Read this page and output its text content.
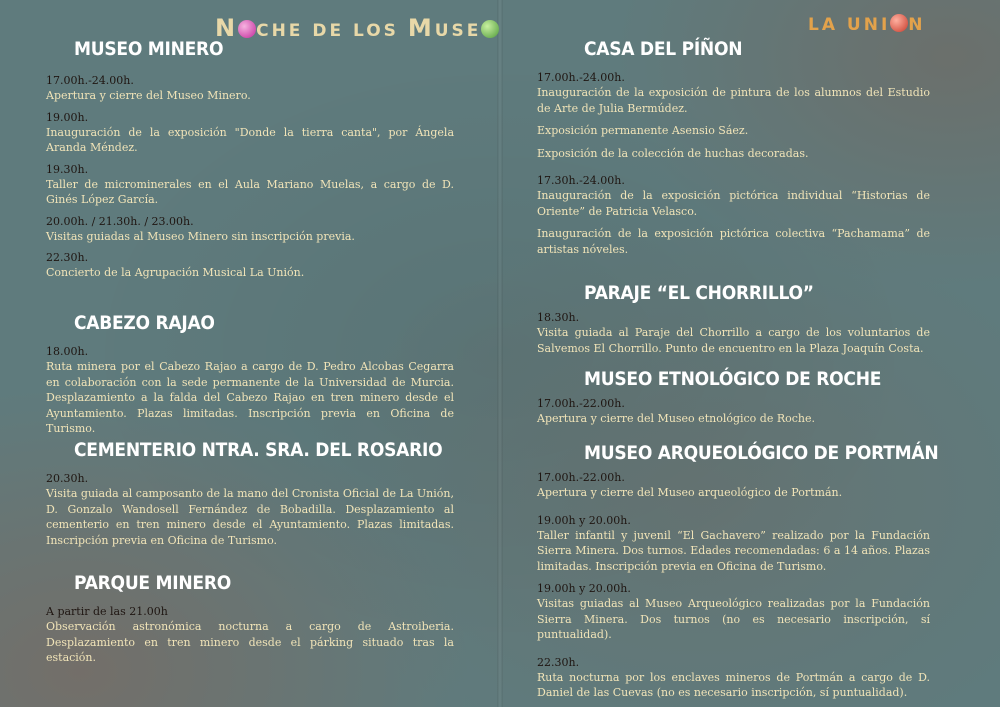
N CHE DE LOS MUSE	LA UNI N
MUSEO MINERO
17.00h.-24.00h.
Apertura y cierre del Museo Minero.
19.00h.
Inauguración de la exposición "Donde la tierra canta", por Ángela Aranda Méndez.
19.30h.
Taller de microminerales en el Aula Mariano Muelas, a cargo de D. Ginés López García.
20.00h. / 21.30h. / 23.00h.
Visitas guiadas al Museo Minero sin inscripción previa.
22.30h.
Concierto de la Agrupación Musical La Unión.
CABEZO RAJAO
18.00h.
Ruta minera por el Cabezo Rajao a cargo de D. Pedro Alcobas Cegarra en colaboración con la sede permanente de la Universidad de Murcia. Desplazamiento a la falda del Cabezo Rajao en tren minero desde el Ayuntamiento. Plazas limitadas. Inscripción previa en Oficina de Turismo.
CEMENTERIO NTRA. SRA. DEL ROSARIO
20.30h.
Visita guiada al camposanto de la mano del Cronista Oficial de La Unión, D. Gonzalo Wandosell Fernández de Bobadilla. Desplazamiento al cementerio en tren minero desde el Ayuntamiento. Plazas limitadas. Inscripción previa en Oficina de Turismo.
PARQUE MINERO
A partir de las 21.00h
Observación astronómica nocturna a cargo de Astroiberia. Desplazamiento en tren minero desde el párking situado tras la estación.
CASA DEL PÍÑON
17.00h.-24.00h.
Inauguración de la exposición de pintura de los alumnos del Estudio de Arte de Julia Bermúdez.
Exposición permanente Asensio Sáez.
Exposición de la colección de huchas decoradas.
17.30h.-24.00h.
Inauguración de la exposición pictórica individual “Historias de Oriente” de Patricia Velasco.
Inauguración de la exposición pictórica colectiva “Pachamama” de artistas nóveles.
PARAJE “EL CHORRILLO”
18.30h.
Visita guiada al Paraje del Chorrillo a cargo de los voluntarios de Salvemos El Chorrillo. Punto de encuentro en la Plaza Joaquín Costa.
MUSEO ETNOLÓGICO DE ROCHE
17.00h.-22.00h.
Apertura y cierre del Museo etnológico de Roche.
MUSEO ARQUEOLÓGICO DE PORTMÁN
17.00h.-22.00h.
Apertura y cierre del Museo arqueológico de Portmán.
19.00h y 20.00h.
Taller infantil y juvenil “El Gachavero” realizado por la Fundación Sierra Minera. Dos turnos. Edades recomendadas: 6 a 14 años. Plazas limitadas. Inscripción previa en Oficina de Turismo.
19.00h y 20.00h.
Visitas guiadas al Museo Arqueológico realizadas por la Fundación Sierra Minera. Dos turnos (no es necesario inscripción, sí puntualidad).
22.30h.
Ruta nocturna por los enclaves mineros de Portmán a cargo de D. Daniel de las Cuevas (no es necesario inscripción, sí puntualidad).
